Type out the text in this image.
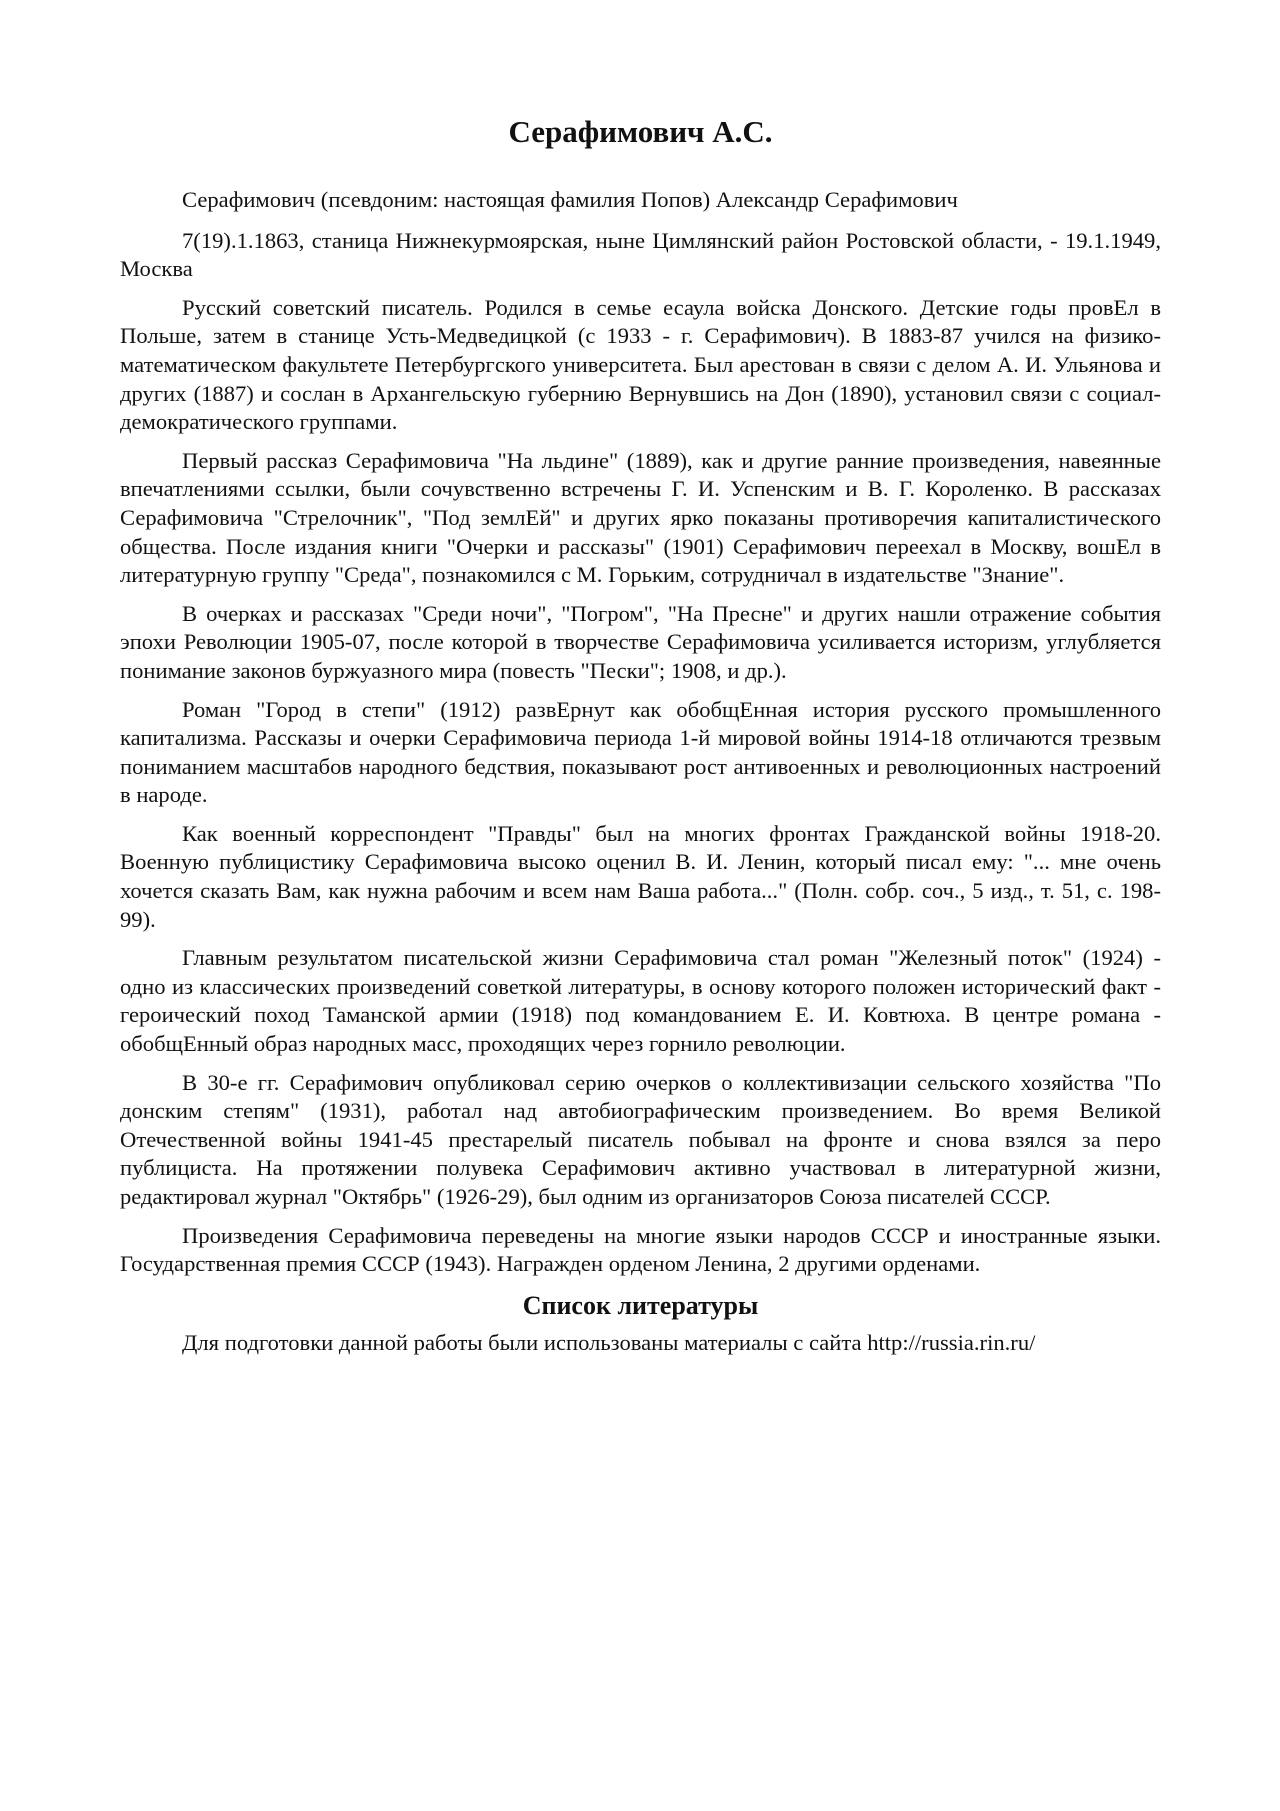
Серафимович А.С.

Серафимович (псевдоним: настоящая фамилия Попов) Александр Серафимович

7(19).1.1863, станица Нижнекурмоярская, ныне Цимлянский район Ростовской области, - 19.1.1949, Москва

Русский советский писатель. Родился в семье есаула войска Донского. Детские годы провЕл в Польше, затем в станице Усть-Медведицкой (с 1933 - г. Серафимович). В 1883-87 учился на физико-математическом факультете Петербургского университета. Был арестован в связи с делом А. И. Ульянова и других (1887) и сослан в Архангельскую губернию Вернувшись на Дон (1890), установил связи с социал-демократического группами.

Первый рассказ Серафимовича "На льдине" (1889), как и другие ранние произведения, навеянные впечатлениями ссылки, были сочувственно встречены Г. И. Успенским и В. Г. Короленко. В рассказах Серафимовича "Стрелочник", "Под землЕй" и других ярко показаны противоречия капиталистического общества. После издания книги "Очерки и рассказы" (1901) Серафимович переехал в Москву, вошЕл в литературную группу "Среда", познакомился с М. Горьким, сотрудничал в издательстве "Знание".

В очерках и рассказах "Среди ночи", "Погром", "На Пресне" и других нашли отражение события эпохи Революции 1905-07, после которой в творчестве Серафимовича усиливается историзм, углубляется понимание законов буржуазного мира (повесть "Пески"; 1908, и др.).

Роман "Город в степи" (1912) развЕрнут как обобщЕнная история русского промышленного капитализма. Рассказы и очерки Серафимовича периода 1-й мировой войны 1914-18 отличаются трезвым пониманием масштабов народного бедствия, показывают рост антивоенных и революционных настроений в народе.

Как военный корреспондент "Правды" был на многих фронтах Гражданской войны 1918-20. Военную публицистику Серафимовича высоко оценил В. И. Ленин, который писал ему: "... мне очень хочется сказать Вам, как нужна рабочим и всем нам Ваша работа..." (Полн. собр. соч., 5 изд., т. 51, с. 198-99).

Главным результатом писательской жизни Серафимовича стал роман "Железный поток" (1924) - одно из классических произведений советкой литературы, в основу которого положен исторический факт - героический поход Таманской армии (1918) под командованием Е. И. Ковтюха. В центре романа - обобщЕнный образ народных масс, проходящих через горнило революции.

В 30-е гг. Серафимович опубликовал серию очерков о коллективизации сельского хозяйства "По донским степям" (1931), работал над автобиографическим произведением. Во время Великой Отечественной войны 1941-45 престарелый писатель побывал на фронте и снова взялся за перо публициста. На протяжении полувека Серафимович активно участвовал в литературной жизни, редактировал журнал "Октябрь" (1926-29), был одним из организаторов Союза писателей СССР.

Произведения Серафимовича переведены на многие языки народов СССР и иностранные языки. Государственная премия СССР (1943). Награжден орденом Ленина, 2 другими орденами.

Список литературы

Для подготовки данной работы были использованы материалы с сайта http://russia.rin.ru/
